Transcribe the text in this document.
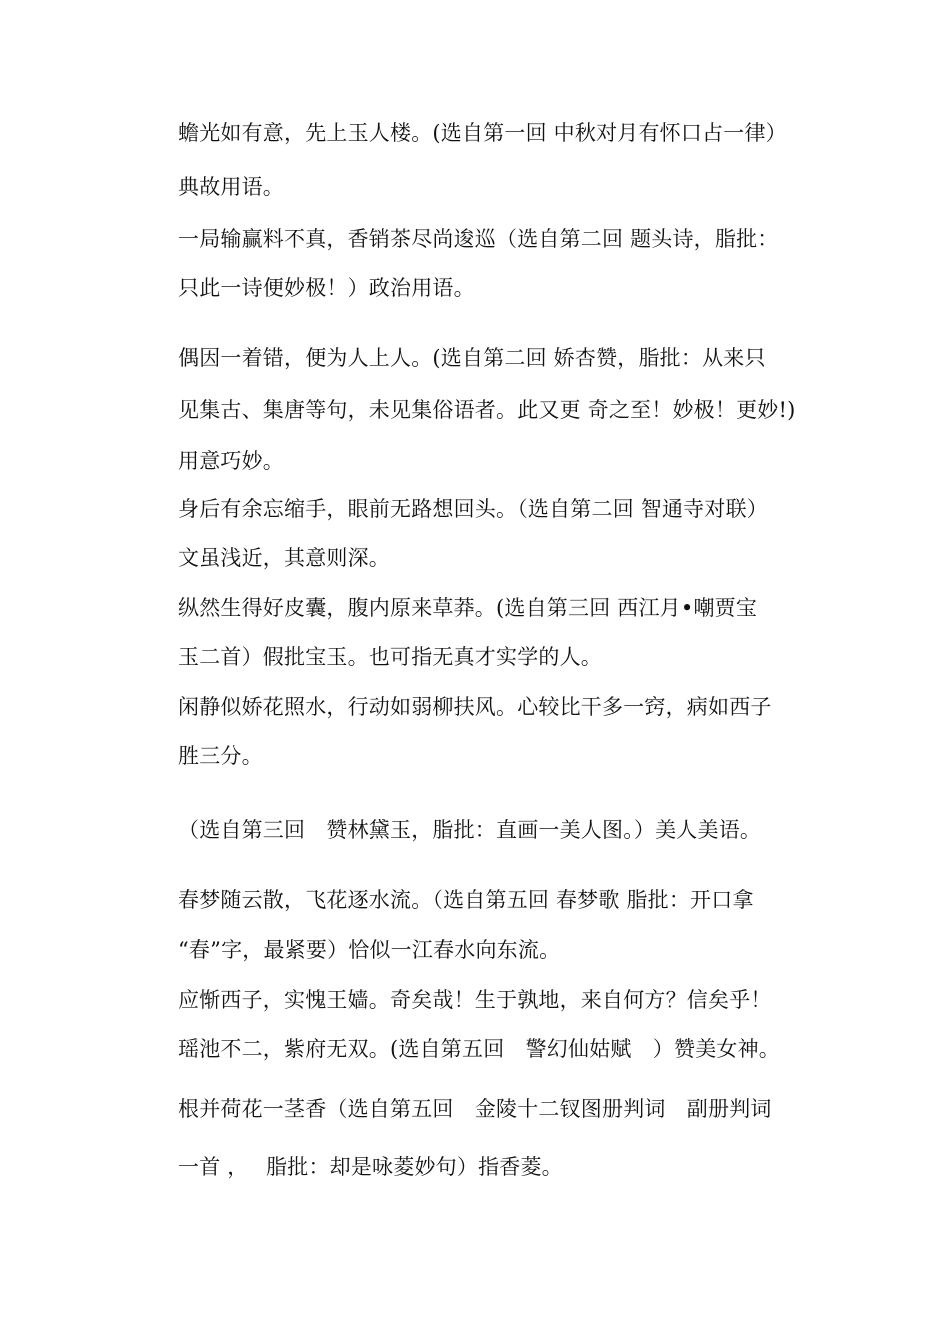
蟾光如有意，先上玉人楼。(选自第一回 中秋对月有怀口占一律）
典故用语。
一局输赢料不真，香销茶尽尚逡巡（选自第二回 题头诗，脂批：
只此一诗便妙极！）政治用语。
偶因一着错，便为人上人。(选自第二回 娇杏赞，脂批：从来只
见集古、集唐等句，未见集俗语者。此又更 奇之至！妙极！更妙!)
用意巧妙。
身后有余忘缩手，眼前无路想回头。（选自第二回 智通寺对联）
文虽浅近，其意则深。
纵然生得好皮囊，腹内原来草莽。(选自第三回 西江月•嘲贾宝
玉二首）假批宝玉。也可指无真才实学的人。
闲静似娇花照水，行动如弱柳扶风。心较比干多一窍，病如西子
胜三分。
（选自第三回　赞林黛玉，脂批：直画一美人图。）美人美语。
春梦随云散，飞花逐水流。（选自第五回 春梦歌 脂批：开口拿
“春”字，最紧要）恰似一江春水向东流。
应惭西子，实愧王嫱。奇矣哉！生于孰地，来自何方？信矣乎！
瑶池不二，紫府无双。(选自第五回　警幻仙姑赋　）赞美女神。
根并荷花一茎香（选自第五回　金陵十二钗图册判词　副册判词
一首 ，　 脂批：却是咏菱妙句）指香菱。
